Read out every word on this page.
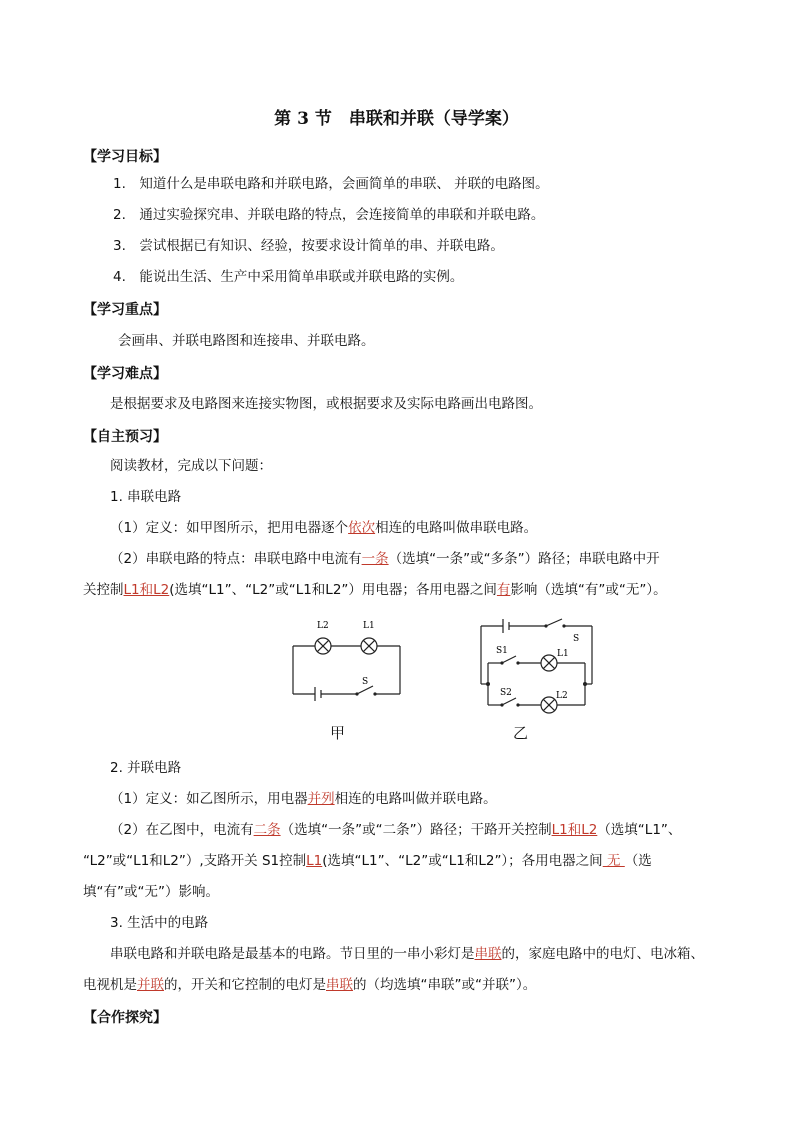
第 3 节　串联和并联（导学案）
【学习目标】
1.　知道什么是串联电路和并联电路，会画简单的串联、 并联的电路图。
2.　通过实验探究串、并联电路的特点，会连接简单的串联和并联电路。
3.　尝试根据已有知识、经验，按要求设计简单的串、并联电路。
4.　能说出生活、生产中采用简单串联或并联电路的实例。
【学习重点】
会画串、并联电路图和连接串、并联电路。
【学习难点】
是根据要求及电路图来连接实物图，或根据要求及实际电路画出电路图。
【自主预习】
阅读教材，完成以下问题：
1. 串联电路
（1）定义：如甲图所示，把用电器逐个依次相连的电路叫做串联电路。
（2）串联电路的特点：串联电路中电流有一条（选填“一条”或“多条”）路径；串联电路中开
关控制L1和L2(选填“L1”、“L2”或“L1和L2”）用电器；各用电器之间有影响（选填“有”或“无”）。
L2	L1
S
甲
S
S1	L1
S2	L2
乙
2. 并联电路
（1）定义：如乙图所示，用电器并列相连的电路叫做并联电路。
（2）在乙图中，电流有二条（选填“一条”或“二条”）路径；干路开关控制L1和L2（选填“L1”、
“L2”或“L1和L2”）,支路开关 S1控制L1(选填“L1”、“L2”或“L1和L2”）；各用电器之间 无 （选
填“有”或“无”）影响。
3. 生活中的电路
串联电路和并联电路是最基本的电路。节日里的一串小彩灯是串联的，家庭电路中的电灯、电冰箱、
电视机是并联的，开关和它控制的电灯是串联的（均选填“串联”或“并联”）。
【合作探究】
